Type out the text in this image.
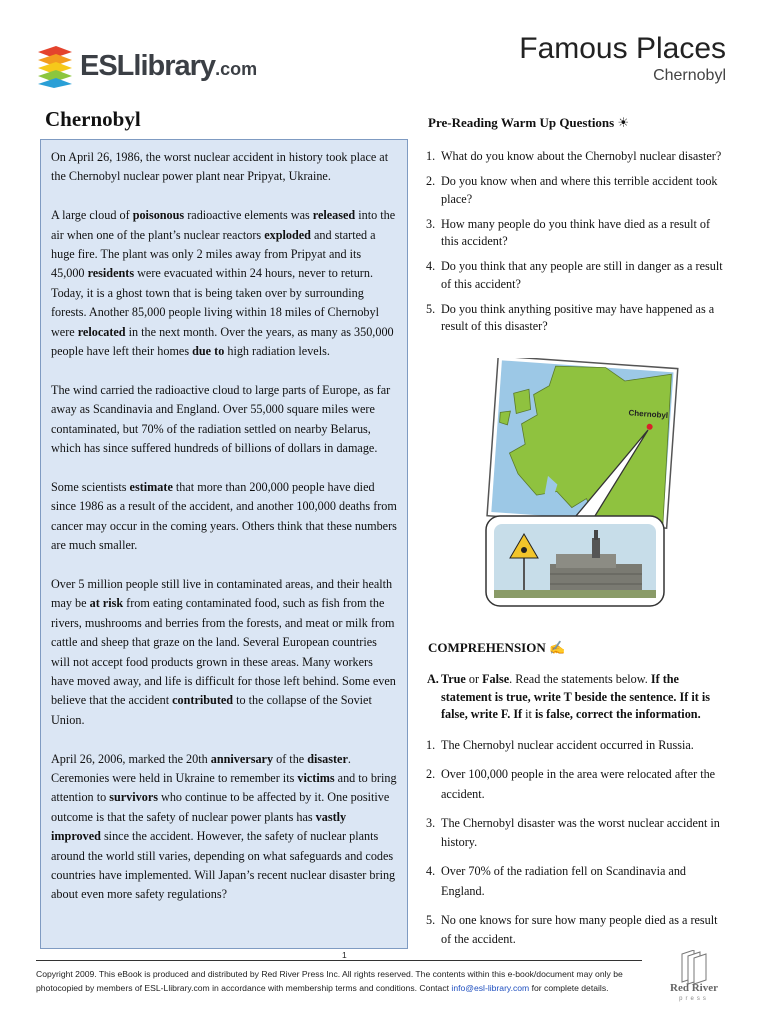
ESLlibrary.com
Famous Places
Chernobyl
Chernobyl

On April 26, 1986, the worst nuclear accident in history took place at the Chernobyl nuclear power plant near Pripyat, Ukraine.

A large cloud of poisonous radioactive elements was released into the air when one of the plant’s nuclear reactors exploded and started a huge fire. The plant was only 2 miles away from Pripyat and its 45,000 residents were evacuated within 24 hours, never to return. Today, it is a ghost town that is being taken over by surrounding forests. Another 85,000 people living within 18 miles of Chernobyl were relocated in the next month. Over the years, as many as 350,000 people have left their homes due to high radiation levels.

The wind carried the radioactive cloud to large parts of Europe, as far away as Scandinavia and England. Over 55,000 square miles were contaminated, but 70% of the radiation settled on nearby Belarus, which has since suffered hundreds of billions of dollars in damage.

Some scientists estimate that more than 200,000 people have died since 1986 as a result of the accident, and another 100,000 deaths from cancer may occur in the coming years. Others think that these numbers are much smaller.

Over 5 million people still live in contaminated areas, and their health may be at risk from eating contaminated food, such as fish from the rivers, mushrooms and berries from the forests, and meat or milk from cattle and sheep that graze on the land. Several European countries will not accept food products grown in these areas. Many workers have moved away, and life is difficult for those left behind. Some even believe that the accident contributed to the collapse of the Soviet Union.

April 26, 2006, marked the 20th anniversary of the disaster. Ceremonies were held in Ukraine to remember its victims and to bring attention to survivors who continue to be affected by it. One positive outcome is that the safety of nuclear power plants has vastly improved since the accident. However, the safety of nuclear plants around the world still varies, depending on what safeguards and codes countries have implemented. Will Japan’s recent nuclear disaster bring about even more safety regulations?

Pre-Reading Warm Up Questions ☀
1. What do you know about the Chernobyl nuclear disaster?
2. Do you know when and where this terrible accident took place?
3. How many people do you think have died as a result of this accident?
4. Do you think that any people are still in danger as a result of this accident?
5. Do you think anything positive may have happened as a result of this disaster?
Chernobyl
COMPREHENSION ✍
A. True or False. Read the statements below. If the statement is true, write T beside the sentence. If it is false, write F. If it is false, correct the information.
1. The Chernobyl nuclear accident occurred in Russia.
2. Over 100,000 people in the area were relocated after the accident.
3. The Chernobyl disaster was the worst nuclear accident in history.
4. Over 70% of the radiation fell on Scandinavia and England.
5. No one knows for sure how many people died as a result of the accident.
1
Copyright 2009. This eBook is produced and distributed by Red River Press Inc. All rights reserved. The contents within this e-book/document may only be photocopied by members of ESL-Llibrary.com in accordance with membership terms and conditions. Contact info@esl-library.com for complete details.	Red River
press
